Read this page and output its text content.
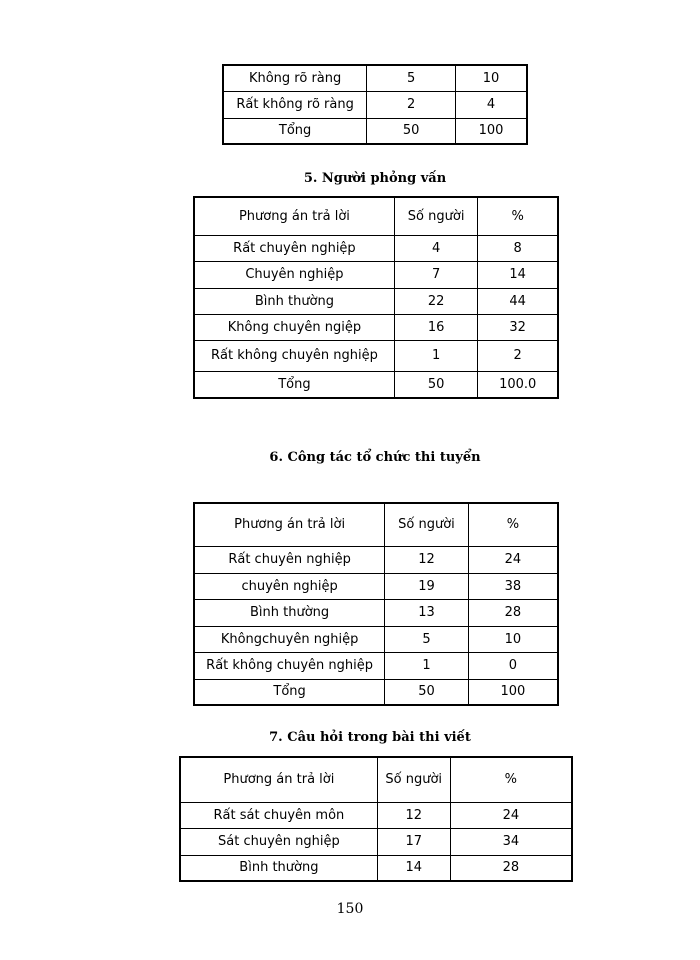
Không rõ ràng	5	10
Rất không rõ ràng	2	4
Tổng	50	100
5. Người phỏng vấn
Phương án trả lời	Số người	%
Rất chuyên nghiệp	4	8
Chuyên nghiệp	7	14
Bình thường	22	44
Không chuyên ngiệp	16	32
Rất không chuyên nghiệp	1	2
Tổng	50	100.0
6. Công tác tổ chức thi tuyển
Phương án trả lời	Số người	%
Rất chuyên nghiệp	12	24
chuyên nghiệp	19	38
Bình thường	13	28
Khôngchuyên nghiệp	5	10
Rất không chuyên nghiệp	1	0
Tổng	50	100
7. Câu hỏi trong bài thi viết
Phương án trả lời	Số người	%
Rất sát chuyên môn	12	24
Sát chuyên nghiệp	17	34
Bình thường	14	28
150
